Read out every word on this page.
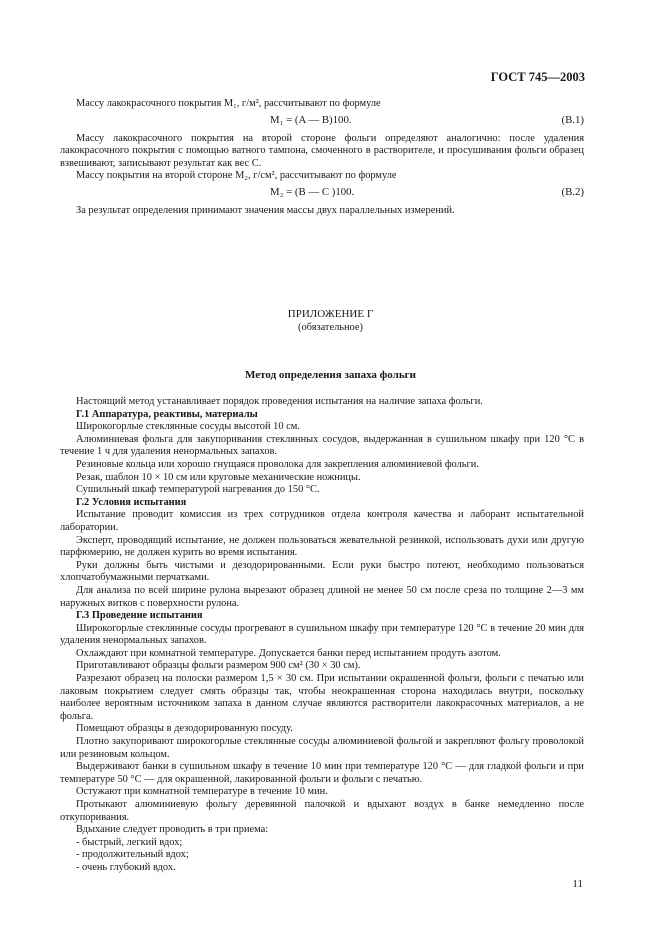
ГОСТ 745—2003

Массу лакокрасочного покрытия M₁, г/м², рассчитывают по формуле

M₁ = (A — B)100.	(B.1)

Массу лакокрасочного покрытия на второй стороне фольги определяют аналогично: после удаления лакокрасочного покрытия с помощью ватного тампона, смоченного в растворителе, и просушивания фольги образец взвешивают, записывают результат как вес C.

Массу покрытия на второй стороне M₂, г/см², рассчитывают по формуле

M₂ = (B — C )100.	(B.2)

За результат определения принимают значения массы двух параллельных измерений.

ПРИЛОЖЕНИЕ Г
(обязательное)
Метод определения запаха фольги

Настоящий метод устанавливает порядок проведения испытания на наличие запаха фольги.

Г.1 Аппаратура, реактивы, материалы

Широкогорлые стеклянные сосуды высотой 10 см.

Алюминиевая фольга для закупоривания стеклянных сосудов, выдержанная в сушильном шкафу при 120 °С в течение 1 ч для удаления ненормальных запахов.

Резиновые кольца или хорошо гнущаяся проволока для закрепления алюминиевой фольги.

Резак, шаблон 10 × 10 см или круговые механические ножницы.

Сушильный шкаф температурой нагревания до 150 °С.

Г.2 Условия испытания

Испытание проводит комиссия из трех сотрудников отдела контроля качества и лаборант испытательной лаборатории.

Эксперт, проводящий испытание, не должен пользоваться жевательной резинкой, использовать духи или другую парфюмерию, не должен курить во время испытания.

Руки должны быть чистыми и дезодорированными. Если руки быстро потеют, необходимо пользоваться хлопчатобумажными перчатками.

Для анализа по всей ширине рулона вырезают образец длиной не менее 50 см после среза по толщине 2—3 мм наружных витков с поверхности рулона.

Г.3 Проведение испытания

Широкогорлые стеклянные сосуды прогревают в сушильном шкафу при температуре 120 °С в течение 20 мин для удаления ненормальных запахов.

Охлаждают при комнатной температуре. Допускается банки перед испытанием продуть азотом.

Приготавливают образцы фольги размером 900 см² (30 × 30 см).

Разрезают образец на полоски размером 1,5 × 30 см. При испытании окрашенной фольги, фольги с печатью или лаковым покрытием следует смять образцы так, чтобы неокрашенная сторона находилась внутри, поскольку наиболее вероятным источником запаха в данном случае являются растворители лакокрасочных материалов, а не фольга.

Помещают образцы в дезодорированную посуду.

Плотно закупоривают широкогорлые стеклянные сосуды алюминиевой фольгой и закрепляют фольгу проволокой или резиновым кольцом.

Выдерживают банки в сушильном шкафу в течение 10 мин при температуре 120 °С — для гладкой фольги и при температуре 50 °С — для окрашенной, лакированной фольги и фольги с печатью.

Остужают при комнатной температуре в течение 10 мин.

Протыкают алюминиевую фольгу деревянной палочкой и вдыхают воздух в банке немедленно после откупоривания.

Вдыхание следует проводить в три приема:

- быстрый, легкий вдох;

- продолжительный вдох;

- очень глубокий вдох.

11
